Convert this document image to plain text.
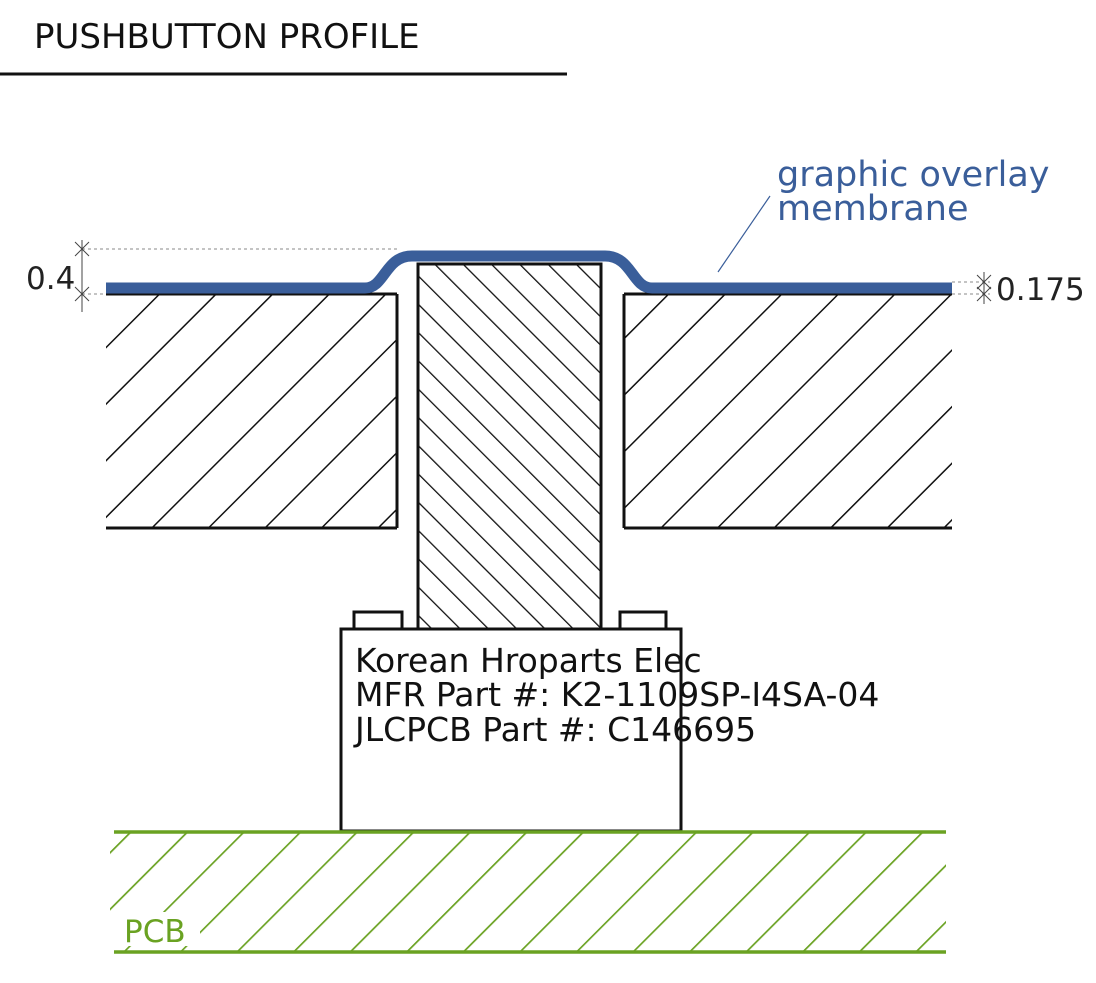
PUSHBUTTON PROFILE
graphic overlay
membrane
0.4	0.175
Korean Hroparts Elec
MFR Part #: K2-1109SP-I4SA-04
JLCPCB Part #: C146695
PCB
